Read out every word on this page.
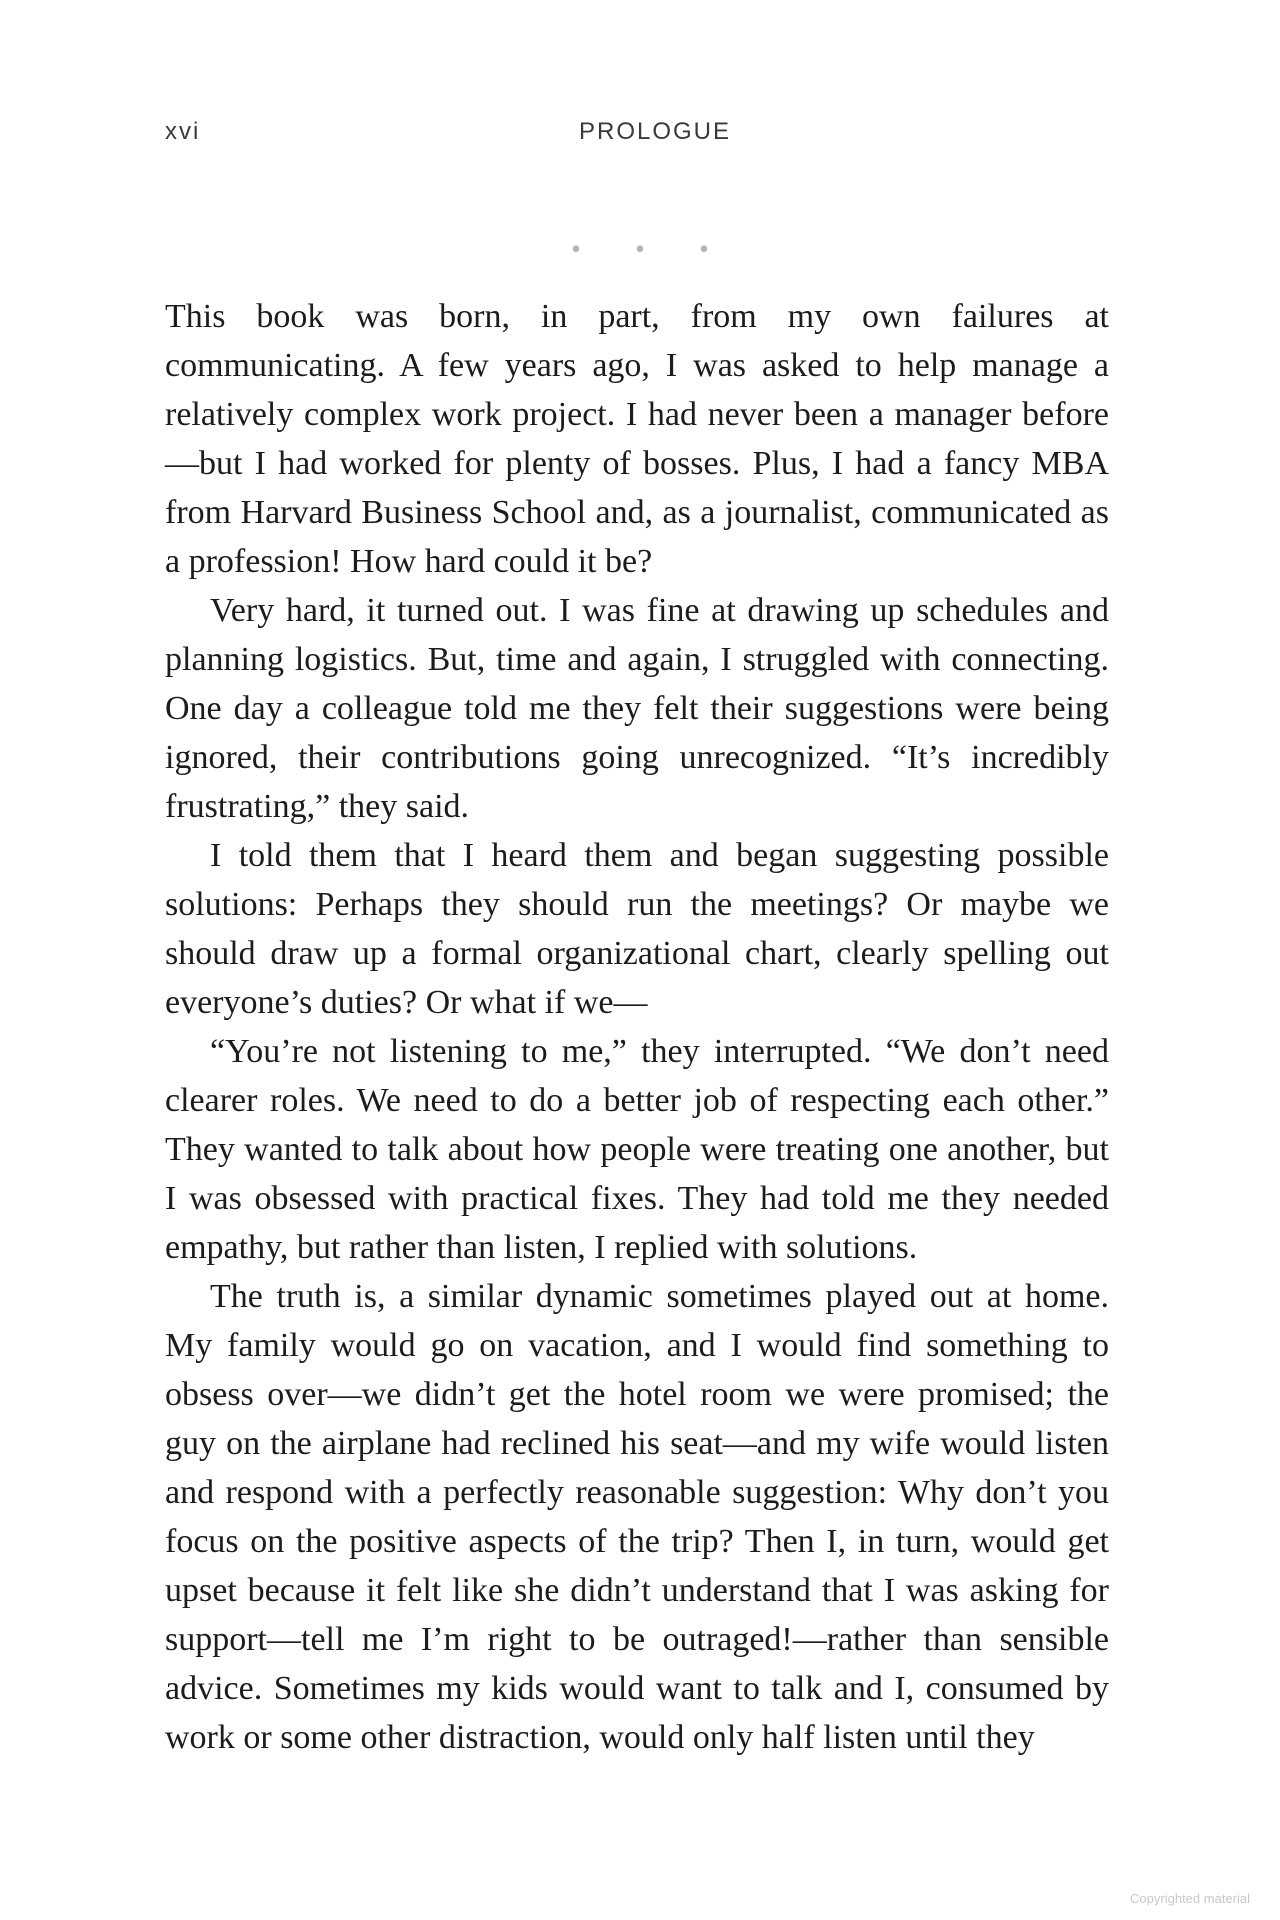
xvi	PROLOGUE
• • •

This book was born, in part, from my own failures at communicating. A few years ago, I was asked to help manage a relatively complex work project. I had never been a manager before—but I had worked for plenty of bosses. Plus, I had a fancy MBA from Harvard Business School and, as a journalist, communicated as a profession! How hard could it be?

Very hard, it turned out. I was fine at drawing up schedules and planning logistics. But, time and again, I struggled with connecting. One day a colleague told me they felt their suggestions were being ignored, their contributions going unrecognized. “It’s incredibly frustrating,” they said.

I told them that I heard them and began suggesting possible solutions: Perhaps they should run the meetings? Or maybe we should draw up a formal organizational chart, clearly spelling out everyone’s duties? Or what if we—

“You’re not listening to me,” they interrupted. “We don’t need clearer roles. We need to do a better job of respecting each other.” They wanted to talk about how people were treating one another, but I was obsessed with practical fixes. They had told me they needed empathy, but rather than listen, I replied with solutions.

The truth is, a similar dynamic sometimes played out at home. My family would go on vacation, and I would find something to obsess over—we didn’t get the hotel room we were promised; the guy on the airplane had reclined his seat—and my wife would listen and respond with a perfectly reasonable suggestion: Why don’t you focus on the positive aspects of the trip? Then I, in turn, would get upset because it felt like she didn’t understand that I was asking for support—tell me I’m right to be outraged!—rather than sensible advice. Sometimes my kids would want to talk and I, consumed by work or some other distraction, would only half listen until they

Copyrighted material
